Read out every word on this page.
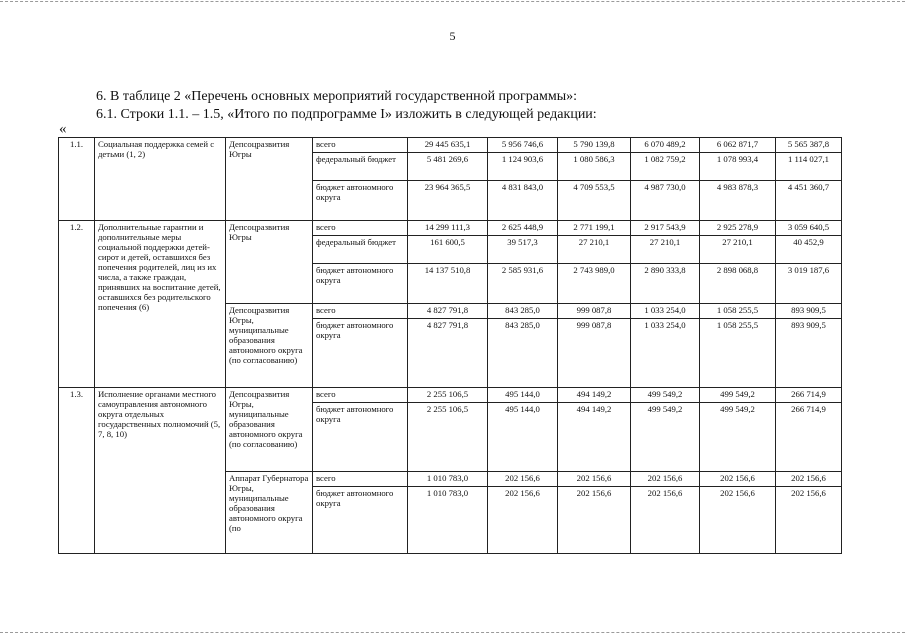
5
6. В таблице 2 «Перечень основных мероприятий государственной программы»:
6.1. Строки 1.1. – 1.5, «Итого по подпрограмме I» изложить в следующей редакции:
«
1.1.	Социальная поддержка семей с детьми (1, 2)	Депсоцразвития Югры	всего	29 445 635,1	5 956 746,6	5 790 139,8	6 070 489,2	6 062 871,7	5 565 387,8
			федеральный бюджет	5 481 269,6	1 124 903,6	1 080 586,3	1 082 759,2	1 078 993,4	1 114 027,1
			бюджет автономного округа	23 964 365,5	4 831 843,0	4 709 553,5	4 987 730,0	4 983 878,3	4 451 360,7
1.2.	Дополнительные гарантии и дополнительные меры социальной поддержки детей-сирот и детей, оставшихся без попечения родителей, лиц из их числа, а также граждан, принявших на воспитание детей, оставшихся без родительского попечения (6)	Депсоцразвития Югры	всего	14 299 111,3	2 625 448,9	2 771 199,1	2 917 543,9	2 925 278,9	3 059 640,5
			федеральный бюджет	161 600,5	39 517,3	27 210,1	27 210,1	27 210,1	40 452,9
			бюджет автономного округа	14 137 510,8	2 585 931,6	2 743 989,0	2 890 333,8	2 898 068,8	3 019 187,6
		Депсоцразвития Югры, муниципальные образования автономного округа (по согласованию)	всего	4 827 791,8	843 285,0	999 087,8	1 033 254,0	1 058 255,5	893 909,5
			бюджет автономного округа	4 827 791,8	843 285,0	999 087,8	1 033 254,0	1 058 255,5	893 909,5
1.3.	Исполнение органами местного самоуправления автономного округа отдельных государственных полномочий (5, 7, 8, 10)	Депсоцразвития Югры, муниципальные образования автономного округа (по согласованию)	всего	2 255 106,5	495 144,0	494 149,2	499 549,2	499 549,2	266 714,9
			бюджет автономного округа	2 255 106,5	495 144,0	494 149,2	499 549,2	499 549,2	266 714,9
		Аппарат Губернатора Югры, муниципальные образования автономного округа (по	всего	1 010 783,0	202 156,6	202 156,6	202 156,6	202 156,6	202 156,6
			бюджет автономного округа	1 010 783,0	202 156,6	202 156,6	202 156,6	202 156,6	202 156,6
